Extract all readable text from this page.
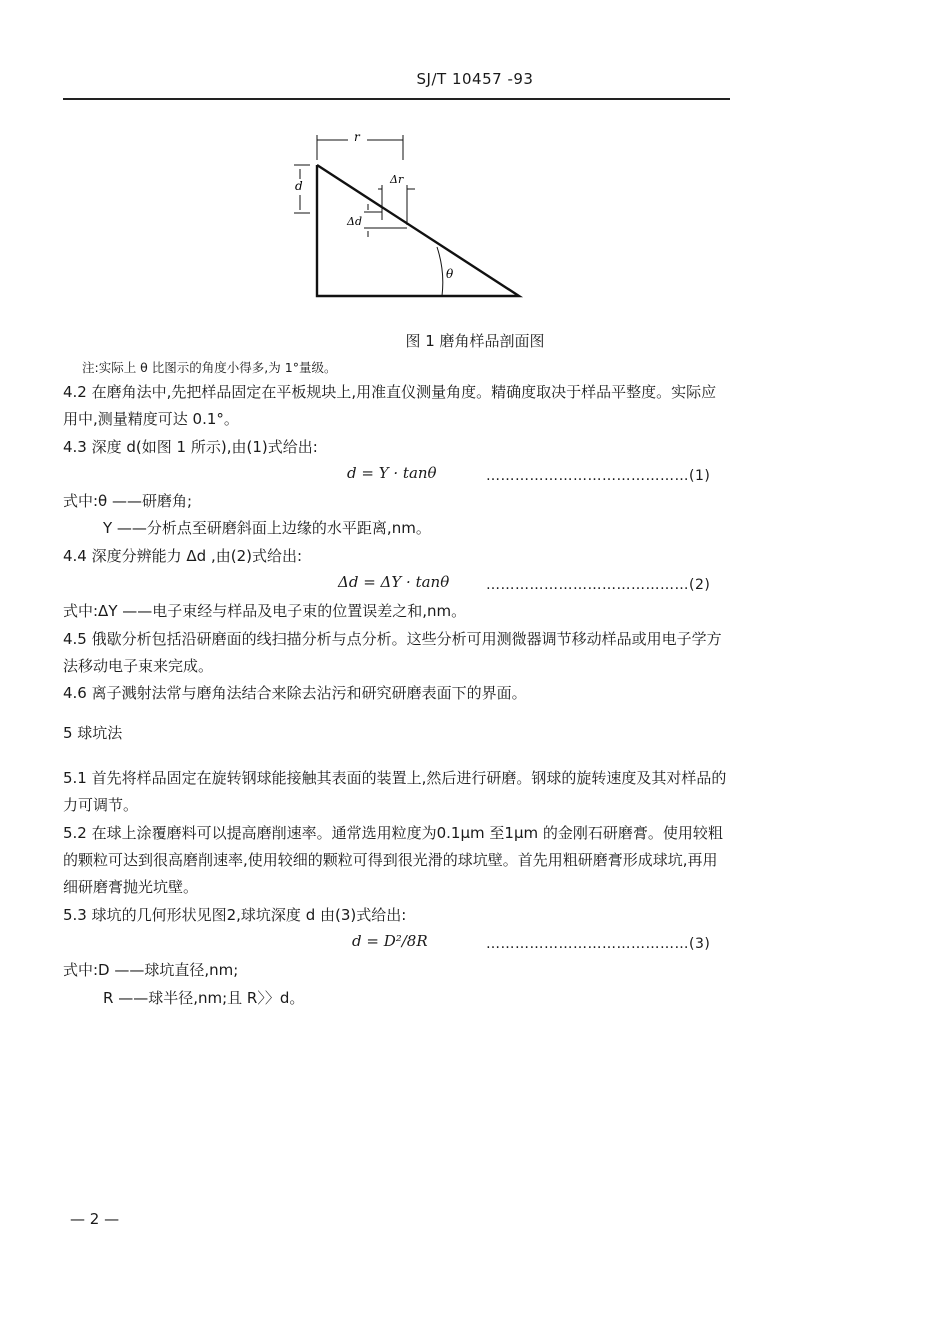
SJ/T 10457 -93
r
d	Δr
Δd
θ
图 1 磨角样品剖面图
注:实际上 θ 比图示的角度小得多,为 1°量级。
4.2 在磨角法中,先把样品固定在平板规块上,用准直仪测量角度。精确度取决于样品平整度。实际应用中,测量精度可达 0.1°。
4.3 深度 d(如图 1 所示),由(1)式给出:
d = Y · tanθ	……………………………………(1)
式中:θ ——研磨角;
Y ——分析点至研磨斜面上边缘的水平距离,nm。
4.4 深度分辨能力 Δd ,由(2)式给出:
Δd = ΔY · tanθ	……………………………………(2)
式中:ΔY ——电子束经与样品及电子束的位置误差之和,nm。
4.5 俄歇分析包括沿研磨面的线扫描分析与点分析。这些分析可用测微器调节移动样品或用电子学方法移动电子束来完成。
4.6 离子溅射法常与磨角法结合来除去沾污和研究研磨表面下的界面。
5 球坑法
5.1 首先将样品固定在旋转钢球能接触其表面的装置上,然后进行研磨。钢球的旋转速度及其对样品的力可调节。
5.2 在球上涂覆磨料可以提高磨削速率。通常选用粒度为0.1μm 至1μm 的金刚石研磨膏。使用较粗的颗粒可达到很高磨削速率,使用较细的颗粒可得到很光滑的球坑壁。首先用粗研磨膏形成球坑,再用细研磨膏抛光坑壁。
5.3 球坑的几何形状见图2,球坑深度 d 由(3)式给出:
d = D²/8R	……………………………………(3)
式中:D ——球坑直径,nm;
R ——球半径,nm;且 R〉〉d。
— 2 —
